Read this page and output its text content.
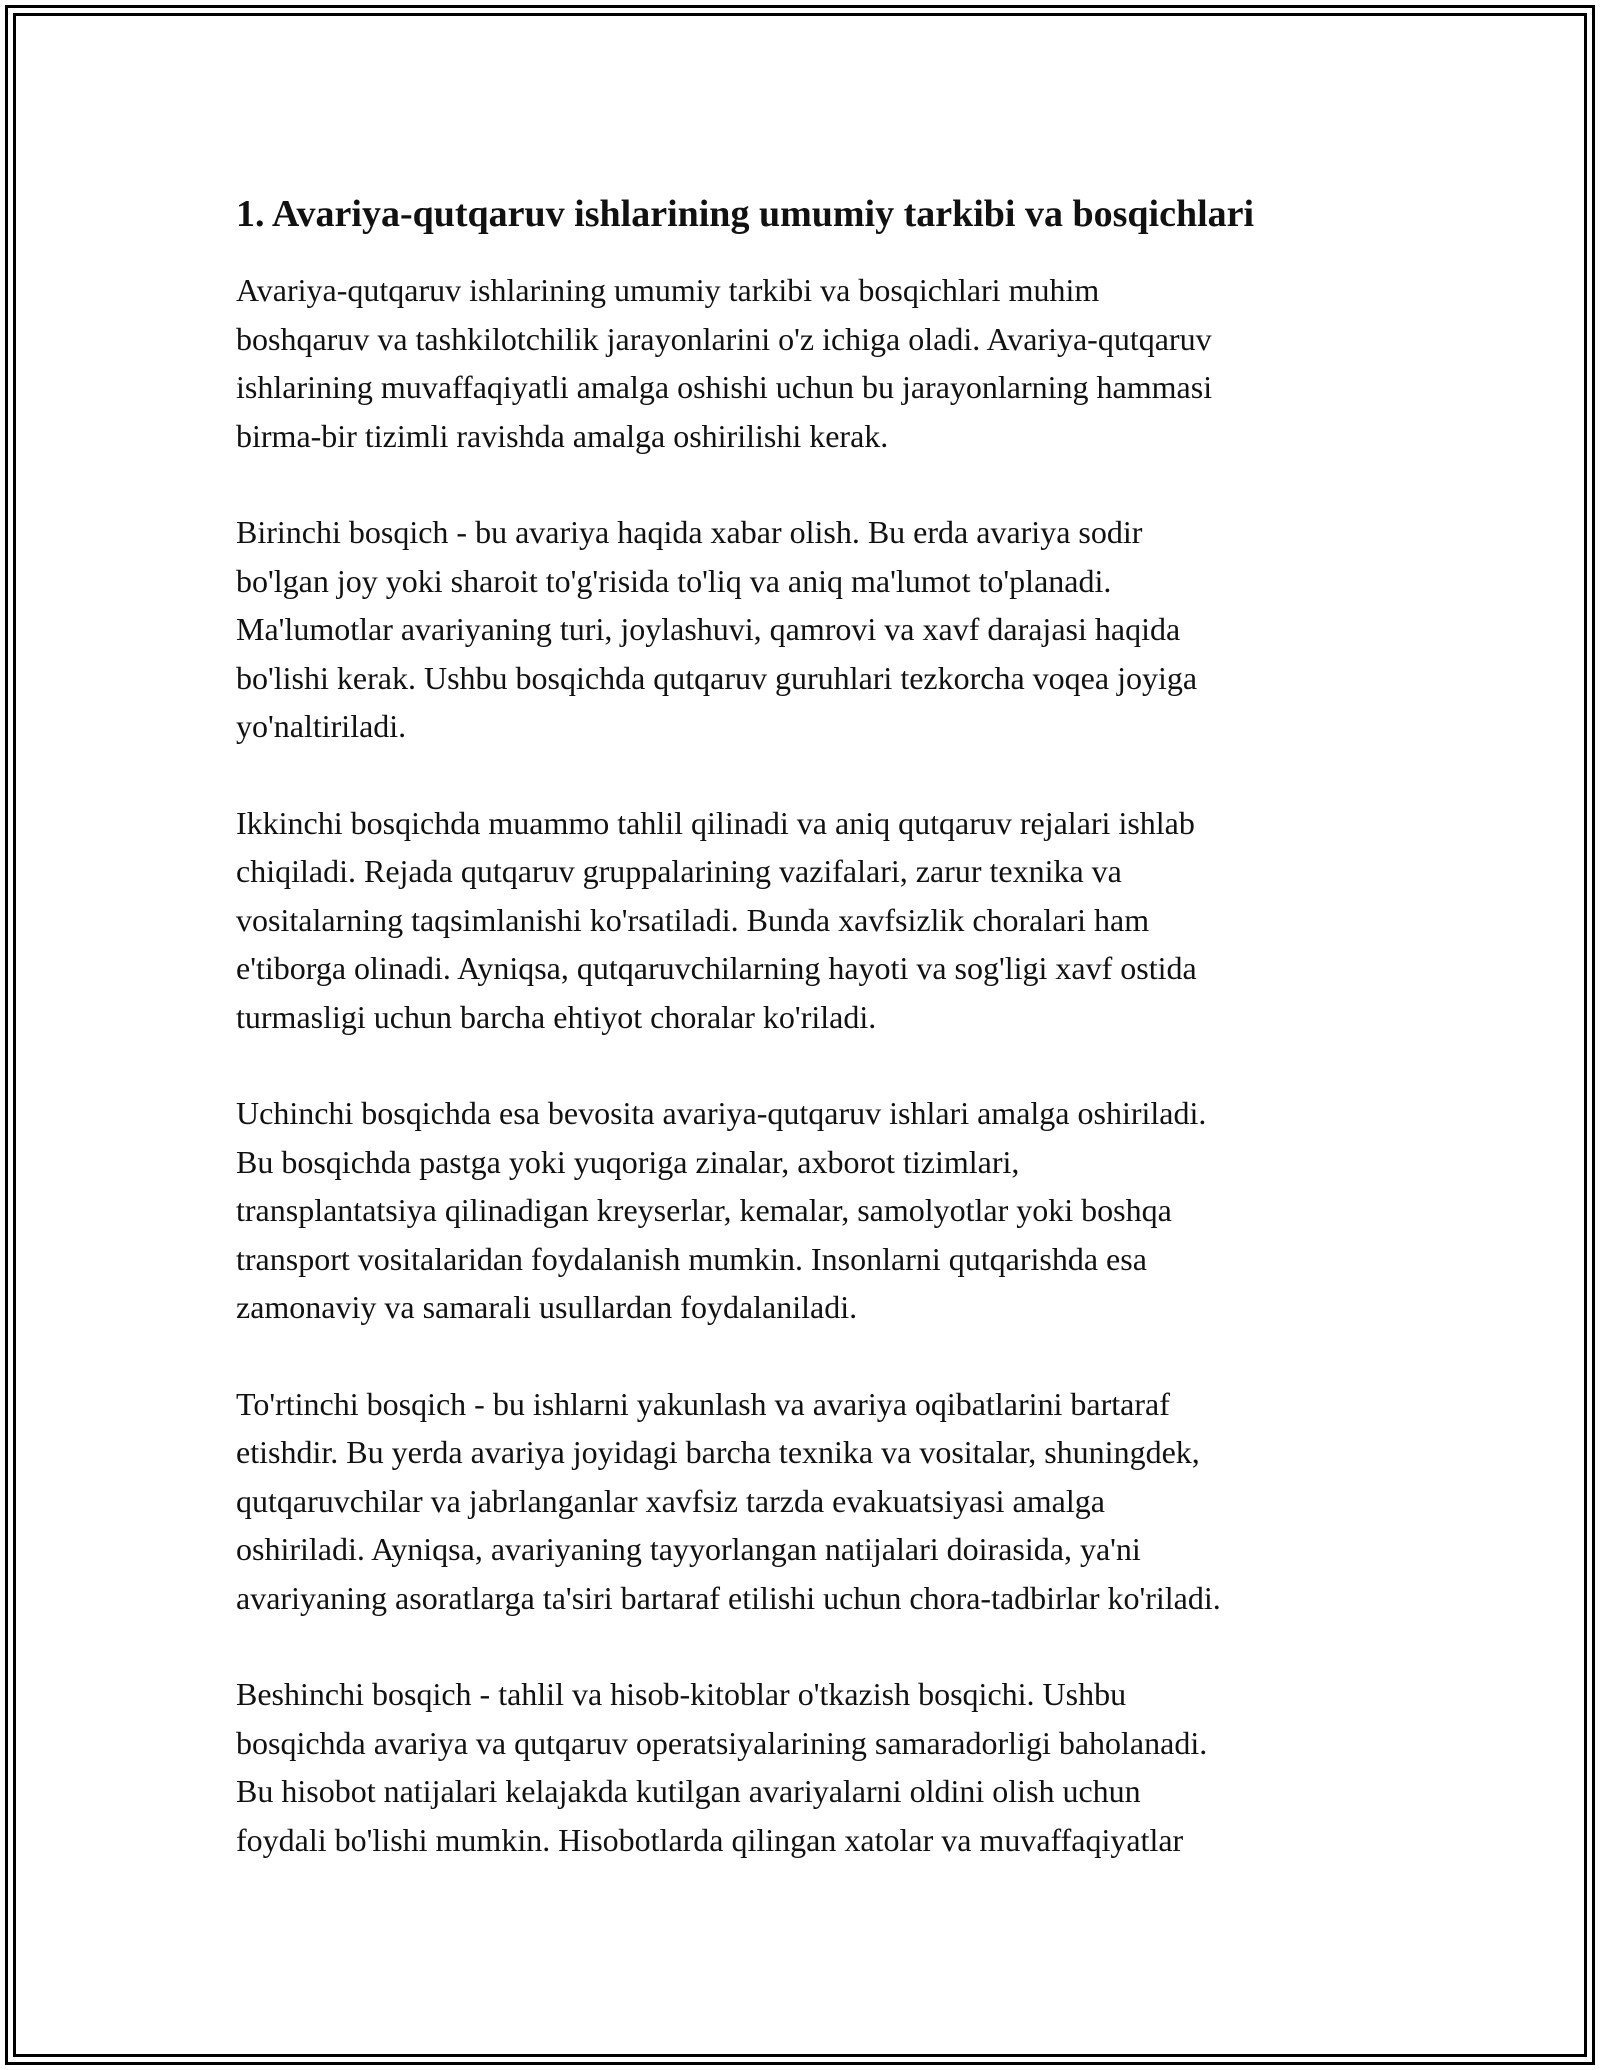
1. Avariya-qutqaruv ishlarining umumiy tarkibi va bosqichlari
Avariya-qutqaruv ishlarining umumiy tarkibi va bosqichlari muhim
boshqaruv va tashkilotchilik jarayonlarini o'z ichiga oladi. Avariya-qutqaruv
ishlarining muvaffaqiyatli amalga oshishi uchun bu jarayonlarning hammasi
birma-bir tizimli ravishda amalga oshirilishi kerak.
Birinchi bosqich - bu avariya haqida xabar olish. Bu erda avariya sodir
bo'lgan joy yoki sharoit to'g'risida to'liq va aniq ma'lumot to'planadi.
Ma'lumotlar avariyaning turi, joylashuvi, qamrovi va xavf darajasi haqida
bo'lishi kerak. Ushbu bosqichda qutqaruv guruhlari tezkorcha voqea joyiga
yo'naltiriladi.
Ikkinchi bosqichda muammo tahlil qilinadi va aniq qutqaruv rejalari ishlab
chiqiladi. Rejada qutqaruv gruppalarining vazifalari, zarur texnika va
vositalarning taqsimlanishi ko'rsatiladi. Bunda xavfsizlik choralari ham
e'tiborga olinadi. Ayniqsa, qutqaruvchilarning hayoti va sog'ligi xavf ostida
turmasligi uchun barcha ehtiyot choralar ko'riladi.
Uchinchi bosqichda esa bevosita avariya-qutqaruv ishlari amalga oshiriladi.
Bu bosqichda pastga yoki yuqoriga zinalar, axborot tizimlari,
transplantatsiya qilinadigan kreyserlar, kemalar, samolyotlar yoki boshqa
transport vositalaridan foydalanish mumkin. Insonlarni qutqarishda esa
zamonaviy va samarali usullardan foydalaniladi.
To'rtinchi bosqich - bu ishlarni yakunlash va avariya oqibatlarini bartaraf
etishdir. Bu yerda avariya joyidagi barcha texnika va vositalar, shuningdek,
qutqaruvchilar va jabrlanganlar xavfsiz tarzda evakuatsiyasi amalga
oshiriladi. Ayniqsa, avariyaning tayyorlangan natijalari doirasida, ya'ni
avariyaning asoratlarga ta'siri bartaraf etilishi uchun chora-tadbirlar ko'riladi.
Beshinchi bosqich - tahlil va hisob-kitoblar o'tkazish bosqichi. Ushbu
bosqichda avariya va qutqaruv operatsiyalarining samaradorligi baholanadi.
Bu hisobot natijalari kelajakda kutilgan avariyalarni oldini olish uchun
foydali bo'lishi mumkin. Hisobotlarda qilingan xatolar va muvaffaqiyatlar
